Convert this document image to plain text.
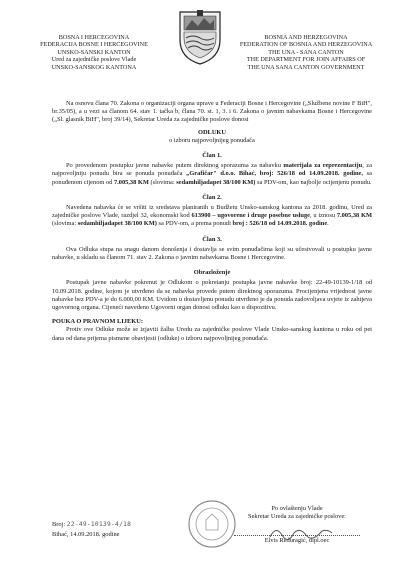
BOSNA I HERCEGOVINA
FEDERACIJA BOSNE I HERCEGOVINE
UNSKO-SANSKI KANTON
Ured za zajedničke poslove Vlade
UNSKO-SANSKOG KANTONA
BOSNIA AND HERZEGOVINA
FEDERATION OF BOSNIA AND HERZEGOVINA
THE UNA - SANA CANTON
THE DEPARTMENT FOR JOIN AFFAIRS OF
THE UNA SANA CANTON GOVERNMENT

Na osnovu člana 70. Zakona o organizaciji organa uprave u Federaciji Bosne i Hercegovine („Službene novine F BiH", br.35/05), a u vezi sa članom 64. stav 1. tačka b, člana 70. st. 1, 3. i 6. Zakona o javnim nabavkama Bosne i Hercegovine („Sl. glasnik BiH", broj 39/14), Sekretar Ureda za zajedničke poslove donosi

ODLUKU
o izboru najpovoljnijeg ponuđača
Član 1.

Po provedenom postupku javne nabavke putem direktnog sporazuma za nabavku materijala za reprezentaciju, za najpovoljniju ponudu bira se ponuda ponuđača „Grafičar" d.o.o. Bihać, broj: 526/18 od 14.09.2018. godine, sa ponuđenom cijenom od 7.005,38 KM (slovima: sedamhiljadapet 38/100 KM) sa PDV-om, kao najbolje ocijenjenu ponudu.

Član 2.

Navedena nabavka će se vršiti iz sredstava planiranih u Budžetu Unsko-sanskog kantona za 2018. godinu, Ured za zajedničke poslove Vlade, razdjel 32, ekonomski kod 613900 – ugovorene i druge posebne usluge, u iznosu 7.005,38 KM (slovima: sedamhiljadapet 38/100 KM) sa PDV-om, a prema ponudi broj : 526/18 od 14.09.2018. godine.

Član 3.

Ova Odluka stupa na snagu danom donošenja i dostavlja se svim ponuđačima koji su učestvovali u postupku javne nabavke, u skladu sa članom 71. stav 2. Zakona o javnim nabavkama Bosne i Hercegovine.

Obrazloženje

Postupak javne nabavke pokrenut je Odlukom o pokretanju postupka javne nabavke broj: 22-49-10139-1/18 od 10.09.2018. godine, kojom je utvrđeno da se nabavka provede putem direktnog sporazuma. Procijenjena vrijednost javne nabavke bez PDV-a je do 6.000,00 KM. Uvidom u dostavljenu ponudu utvrđeno je da ponuda zadovoljava uvjete iz zahtjeva ugovornog organa. Cijeneći navedeno Ugovorni organ donosi odluku kao u dispozitivu.

POUKA O PRAVNOM LIJEKU:

Protiv ove Odluke može se izjaviti žalba Uredu za zajedničke poslove Vlade Unsko-sanskog kantona u roku od pet dana od dana prijema pismene obavijesti (odluke) o izboru najpovoljnijeg ponuđača.

Broj: 22-49-10139-4/18
Bihać, 14.09.2018. godine
Po ovlaštenju Vlade
Sekretar Ureda za zajedničke poslove:
Elvis Ređuragić, dipl.oec
